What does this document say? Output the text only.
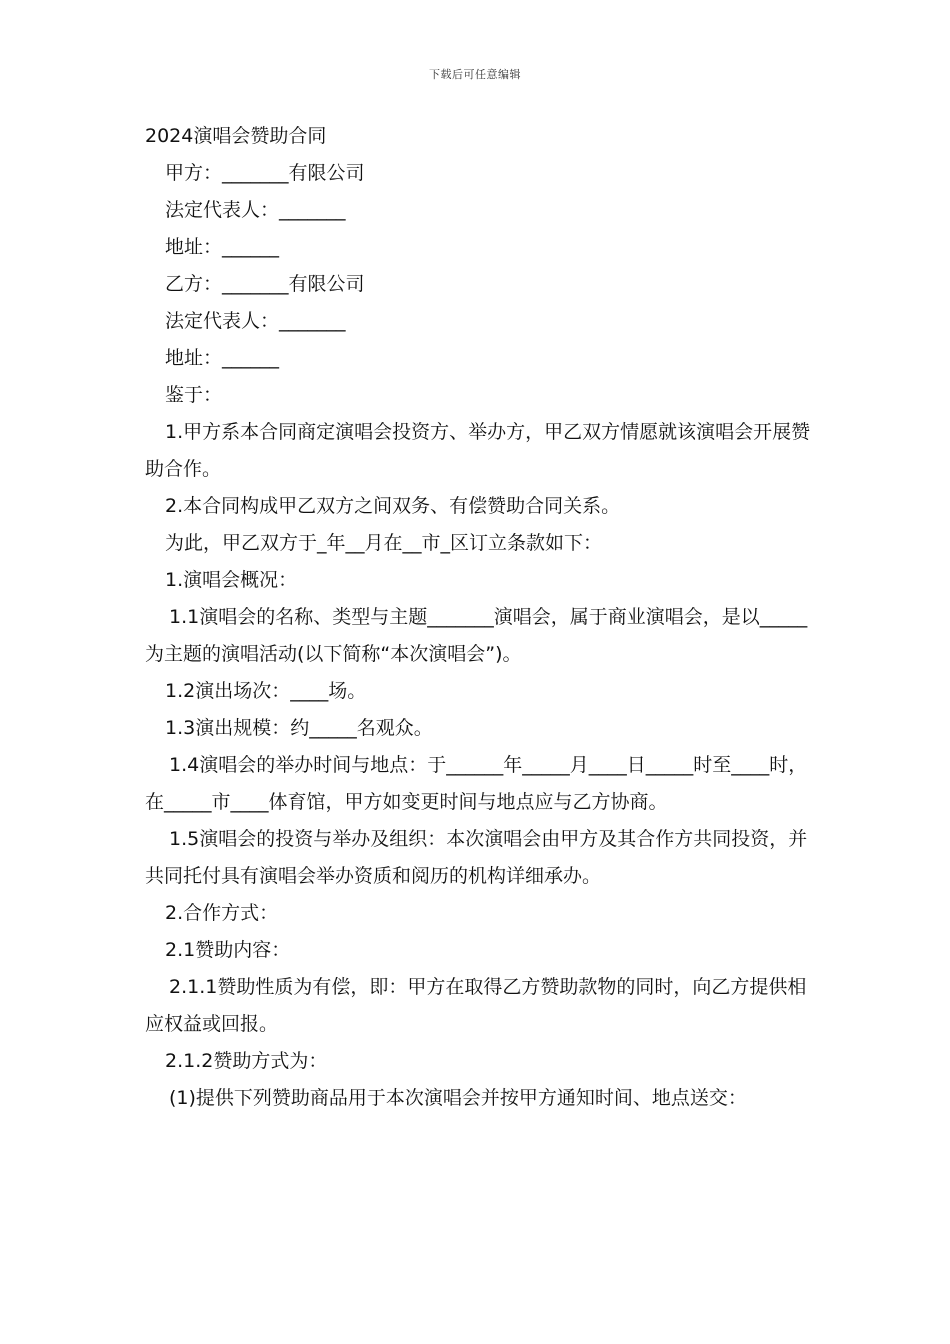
下载后可任意编辑

2024演唱会赞助合同

甲方：_______有限公司

法定代表人：_______

地址：______

乙方：_______有限公司

法定代表人：_______

地址：______

鉴于：

1.甲方系本合同商定演唱会投资方、举办方，甲乙双方情愿就该演唱会开展赞助合作。

2.本合同构成甲乙双方之间双务、有偿赞助合同关系。

为此，甲乙双方于_年__月在__市_区订立条款如下：

1.演唱会概况：

1.1演唱会的名称、类型与主题_______演唱会，属于商业演唱会，是以_____为主题的演唱活动(以下简称“本次演唱会”)。

1.2演出场次：____场。

1.3演出规模：约_____名观众。

1.4演唱会的举办时间与地点：于______年_____月____日_____时至____时，在_____市____体育馆，甲方如变更时间与地点应与乙方协商。

1.5演唱会的投资与举办及组织：本次演唱会由甲方及其合作方共同投资，并共同托付具有演唱会举办资质和阅历的机构详细承办。

2.合作方式：

2.1赞助内容：

2.1.1赞助性质为有偿，即：甲方在取得乙方赞助款物的同时，向乙方提供相应权益或回报。

2.1.2赞助方式为：

(1)提供下列赞助商品用于本次演唱会并按甲方通知时间、地点送交：
